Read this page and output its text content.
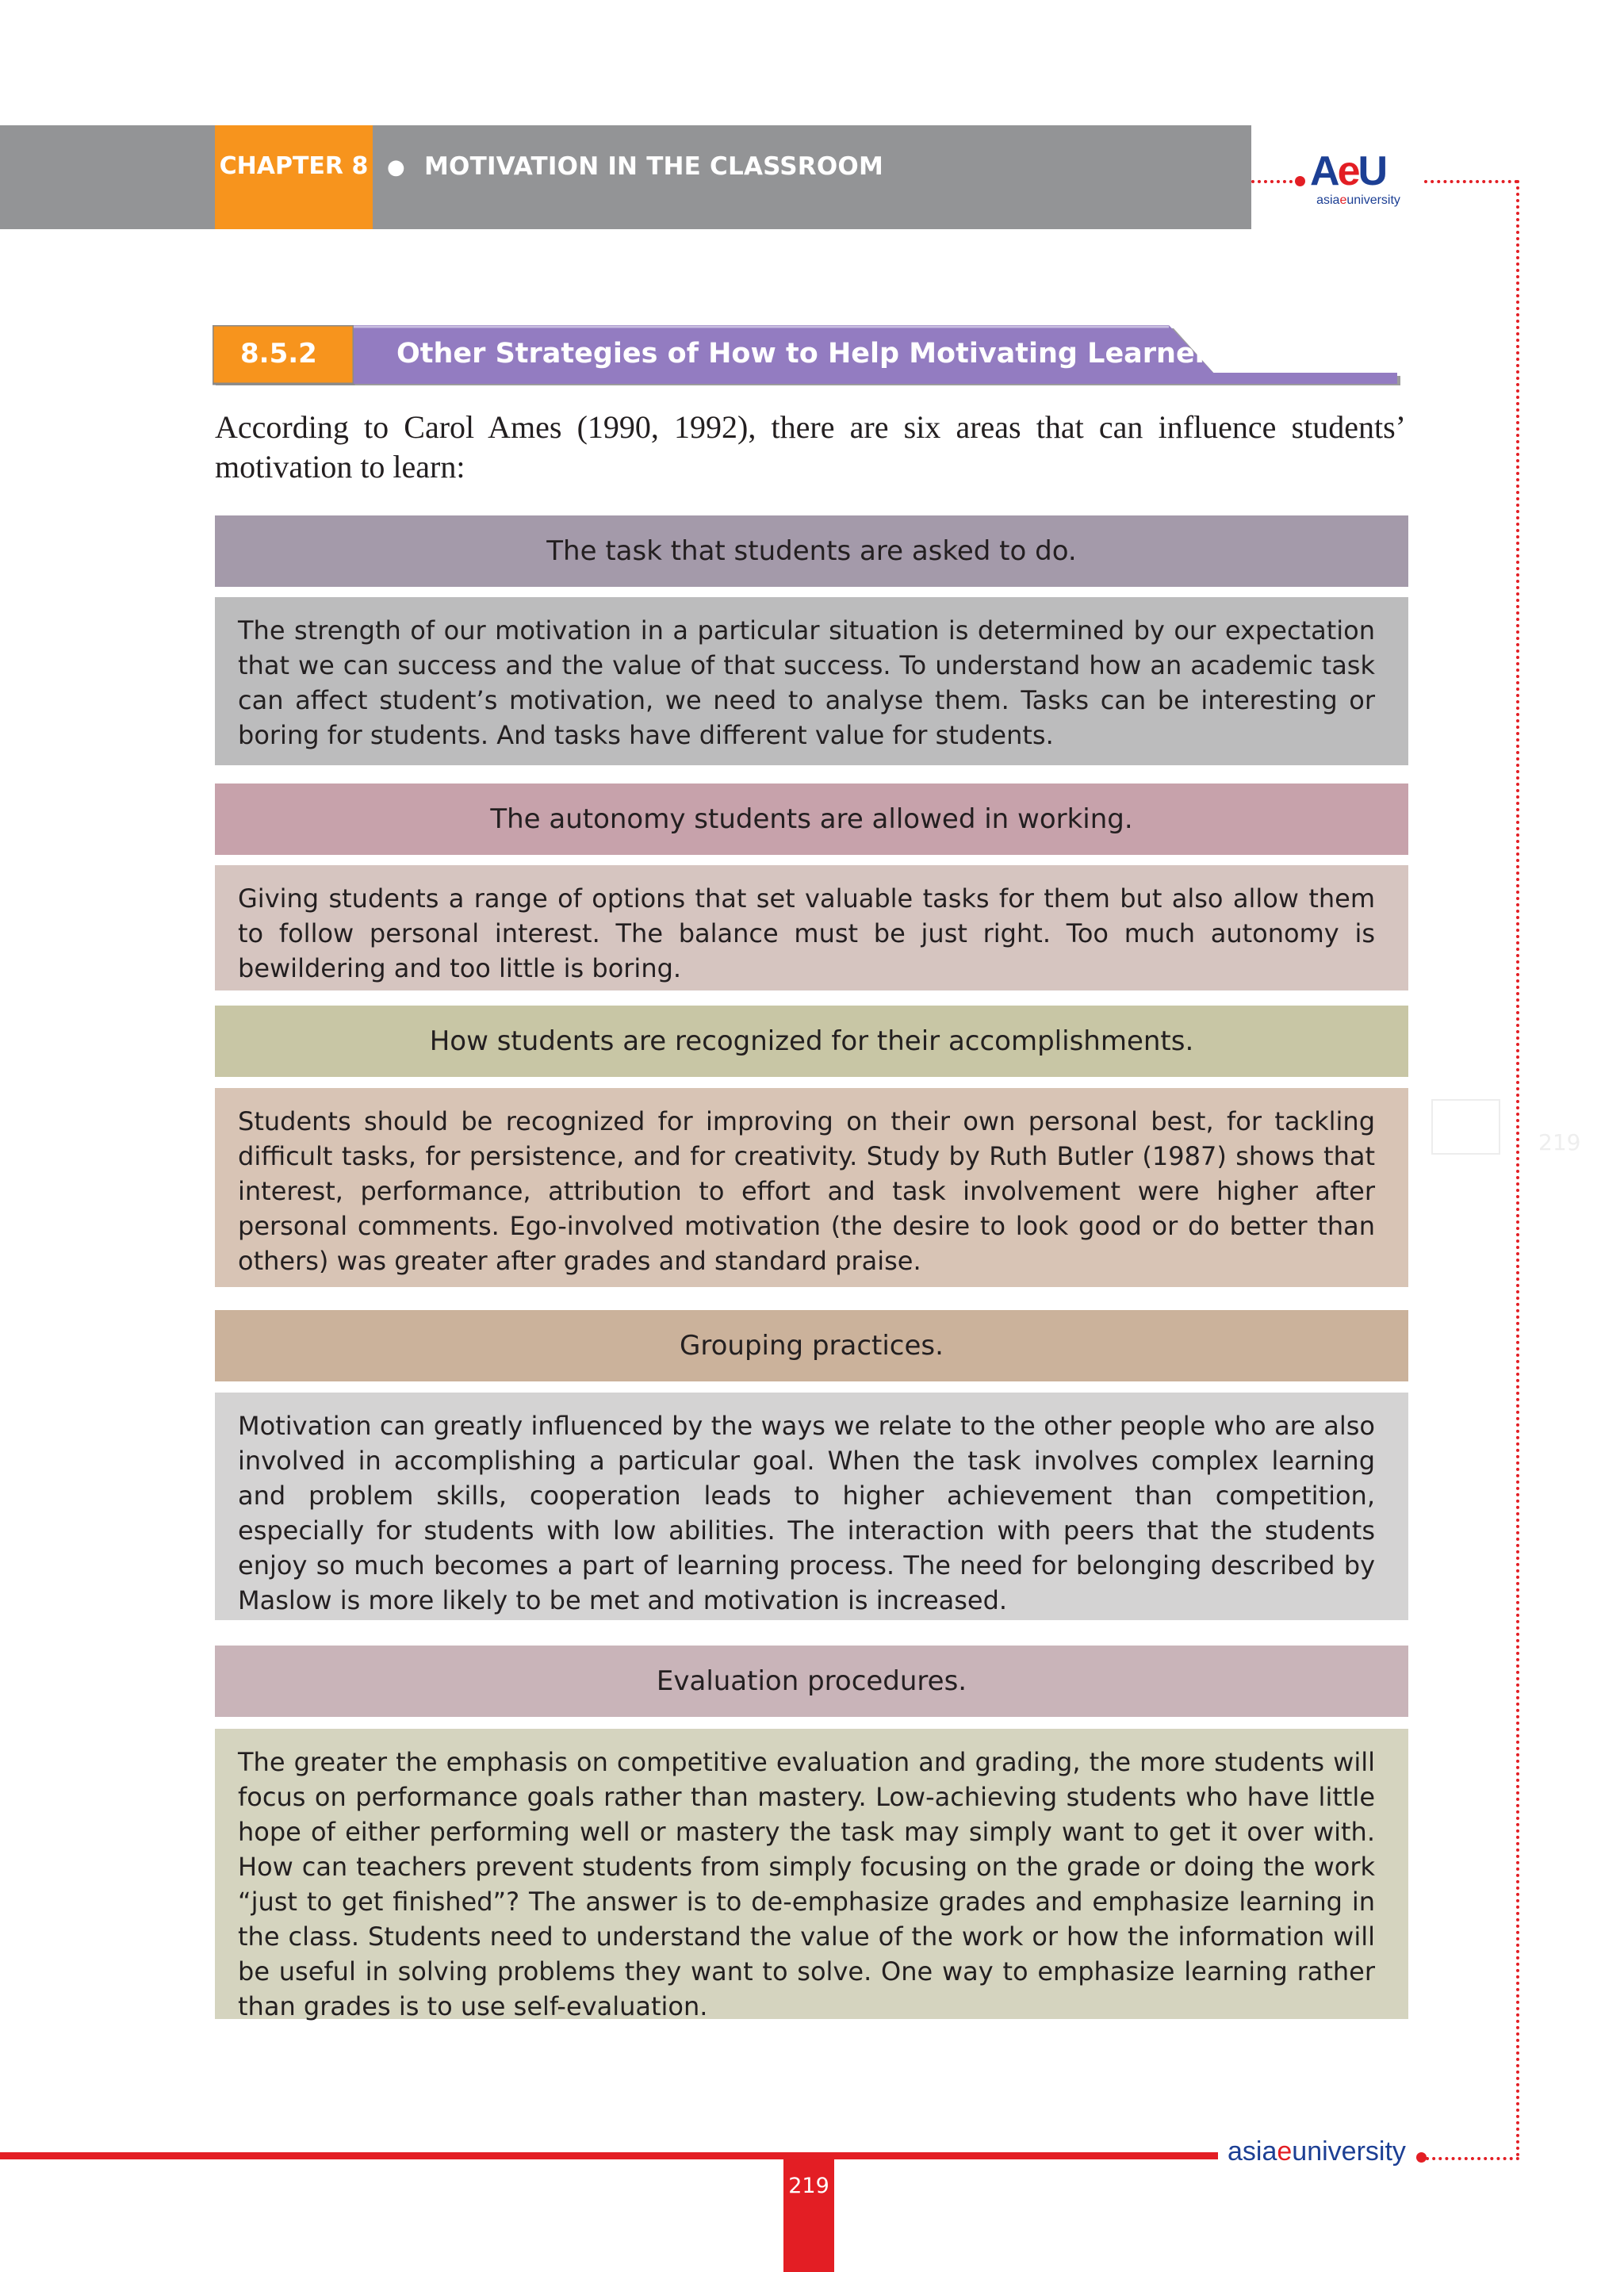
CHAPTER 8 ● MOTIVATION IN THE CLASSROOM	AeU
asiaeuniversity
8.5.2	Other Strategies of How to Help Motivating Learners

According to Carol Ames (1990, 1992), there are six areas that can influence students’ motivation to learn:

The task that students are asked to do.

The strength of our motivation in a particular situation is determined by our expectation that we can success and the value of that success. To understand how an academic task can affect student’s motivation, we need to analyse them. Tasks can be interesting or boring for students. And tasks have different value for students.

The autonomy students are allowed in working.

Giving students a range of options that set valuable tasks for them but also allow them to follow personal interest. The balance must be just right. Too much autonomy is bewildering and too little is boring.

How students are recognized for their accomplishments.

Students should be recognized for improving on their own personal best, for tackling difficult tasks, for persistence, and for creativity. Study by Ruth Butler (1987) shows that interest, performance, attribution to effort and task involvement were higher after personal comments. Ego-involved motivation (the desire to look good or do better than others) was greater after grades and standard praise.

Grouping practices.

Motivation can greatly influenced by the ways we relate to the other people who are also involved in accomplishing a particular goal. When the task involves complex learning and problem skills, cooperation leads to higher achievement than competition, especially for students with low abilities. The interaction with peers that the students enjoy so much becomes a part of learning process. The need for belonging described by Maslow is more likely to be met and motivation is increased.

Evaluation procedures.

The greater the emphasis on competitive evaluation and grading, the more students will focus on performance goals rather than mastery. Low-achieving students who have little hope of either performing well or mastery the task may simply want to get it over with. How can teachers prevent students from simply focusing on the grade or doing the work “just to get finished”? The answer is to de-emphasize grades and emphasize learning in the class. Students need to understand the value of the work or how the information will be useful in solving problems they want to solve. One way to emphasize learning rather than grades is to use self-evaluation.

219
asiaeuniversity
219
